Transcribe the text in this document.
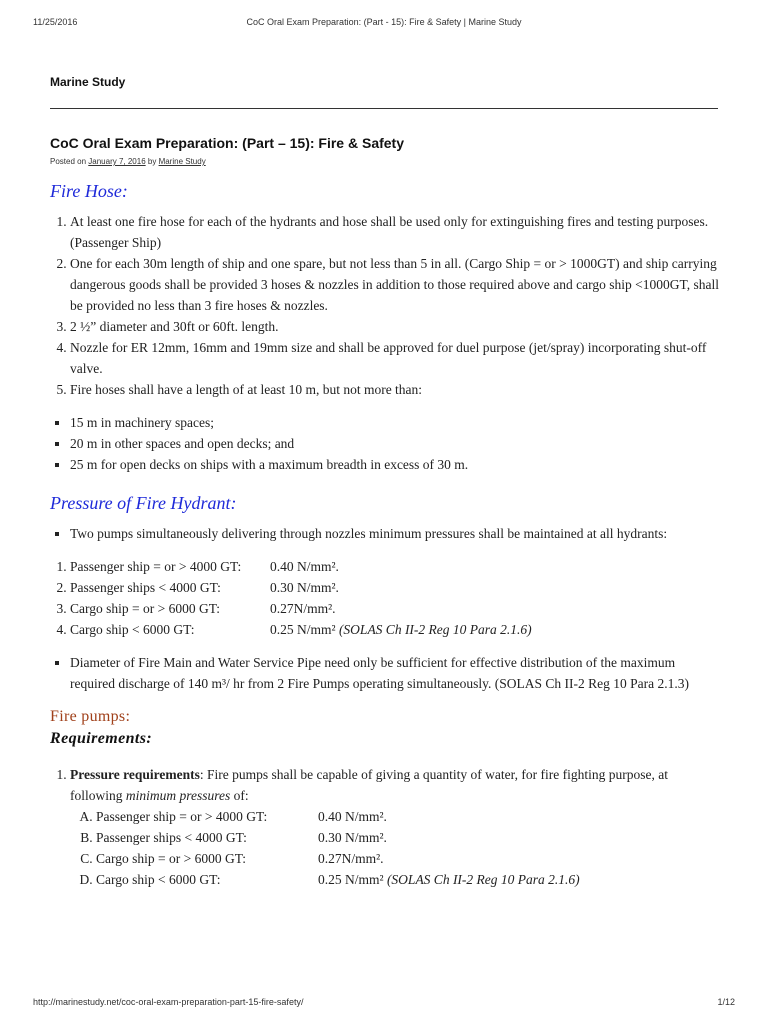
11/25/2016	CoC Oral Exam Preparation: (Part - 15): Fire & Safety | Marine Study
Marine Study
CoC Oral Exam Preparation: (Part – 15): Fire & Safety
Posted on January 7, 2016 by Marine Study
Fire Hose:
1. At least one fire hose for each of the hydrants and hose shall be used only for extinguishing fires and testing purposes. (Passenger Ship)
2. One for each 30m length of ship and one spare, but not less than 5 in all. (Cargo Ship = or > 1000GT) and ship carrying dangerous goods shall be provided 3 hoses & nozzles in addition to those required above and cargo ship <1000GT, shall be provided no less than 3 fire hoses & nozzles.
3. 2 ½” diameter and 30ft or 60ft. length.
4. Nozzle for ER 12mm, 16mm and 19mm size and shall be approved for duel purpose (jet/spray) incorporating shut-off valve.
5. Fire hoses shall have a length of at least 10 m, but not more than:
▪ 15 m in machinery spaces;
▪ 20 m in other spaces and open decks; and
▪ 25 m for open decks on ships with a maximum breadth in excess of 30 m.
Pressure of Fire Hydrant:
▪ Two pumps simultaneously delivering through nozzles minimum pressures shall be maintained at all hydrants:
1. Passenger ship = or > 4000 GT: 0.40 N/mm².
2. Passenger ships < 4000 GT:	0.30 N/mm².
3. Cargo ship = or > 6000 GT:	0.27N/mm².
4. Cargo ship < 6000 GT:	0.25 N/mm² (SOLAS Ch II-2 Reg 10 Para 2.1.6)
▪ Diameter of Fire Main and Water Service Pipe need only be sufficient for effective distribution of the maximum required discharge of 140 m³/ hr from 2 Fire Pumps operating simultaneously. (SOLAS Ch II-2 Reg 10 Para 2.1.3)
Fire pumps:
Requirements:
1. Pressure requirements: Fire pumps shall be capable of giving a quantity of water, for fire fighting purpose, at following minimum pressures of:
A. Passenger ship = or > 4000 GT:	0.40 N/mm².
B. Passenger ships < 4000 GT:	0.30 N/mm².
C. Cargo ship = or > 6000 GT:	0.27N/mm².
D. Cargo ship < 6000 GT:	0.25 N/mm² (SOLAS Ch II-2 Reg 10 Para 2.1.6)
http://marinestudy.net/coc-oral-exam-preparation-part-15-fire-safety/	1/12
